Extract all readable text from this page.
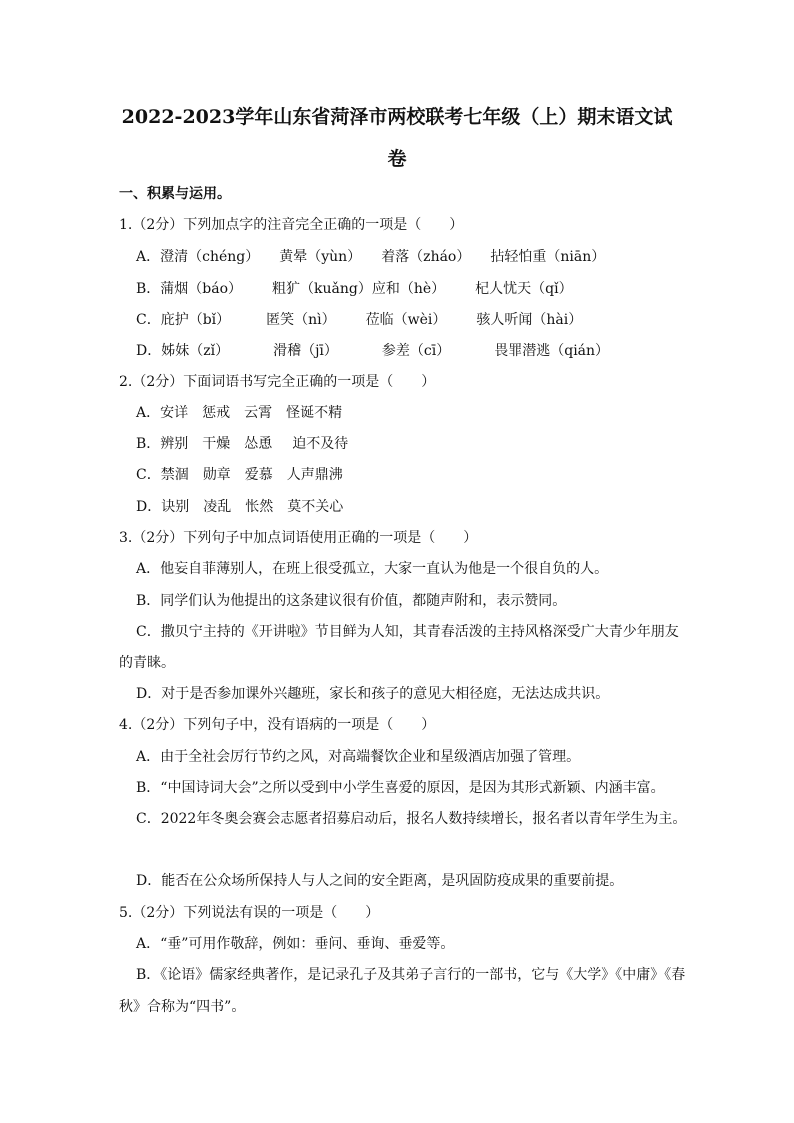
2022-2023学年山东省菏泽市两校联考七年级（上）期末语文试
卷
一、积累与运用。
1.（2分）下列加点字的注音完全正确的一项是（　　）
A．澄清（chéng） 黄晕（yùn） 着落（zháo） 拈轻怕重（niān）
B．蒲烟（báo） 粗犷（kuǎng）应和（hè） 杞人忧天（qǐ）
C．庇护（bǐ）	匿笑（nì） 莅临（wèi） 骇人听闻（hài）
D．姊妹（zǐ）	滑稽（jī）	参差（cī）	畏罪潜逃（qián）
2.（2分）下面词语书写完全正确的一项是（　　）
A．安详 惩戒 云霄 怪诞不精
B．辨别 干燥 怂恿 迫不及待
C．禁涸 勋章 爱慕 人声鼎沸
D．诀别 凌乱 怅然 莫不关心
3.（2分）下列句子中加点词语使用正确的一项是（　　）
A．他妄自菲薄别人，在班上很受孤立，大家一直认为他是一个很自负的人。
B．同学们认为他提出的这条建议很有价值，都随声附和，表示赞同。
C．撒贝宁主持的《开讲啦》节目鲜为人知，其青春活泼的主持风格深受广大青少年朋友
的青睐。
D．对于是否参加课外兴趣班，家长和孩子的意见大相径庭，无法达成共识。
4.（2分）下列句子中，没有语病的一项是（　　）
A．由于全社会厉行节约之风，对高端餐饮企业和星级酒店加强了管理。
B．“中国诗词大会”之所以受到中小学生喜爱的原因，是因为其形式新颖、内涵丰富。
C．2022年冬奥会赛会志愿者招募启动后，报名人数持续增长，报名者以青年学生为主。
D．能否在公众场所保持人与人之间的安全距离，是巩固防疫成果的重要前提。
5.（2分）下列说法有误的一项是（　　）
A．“垂”可用作敬辞，例如：垂问、垂询、垂爱等。
B．《论语》儒家经典著作，是记录孔子及其弟子言行的一部书，它与《大学》《中庸》《春
秋》合称为“四书”。
